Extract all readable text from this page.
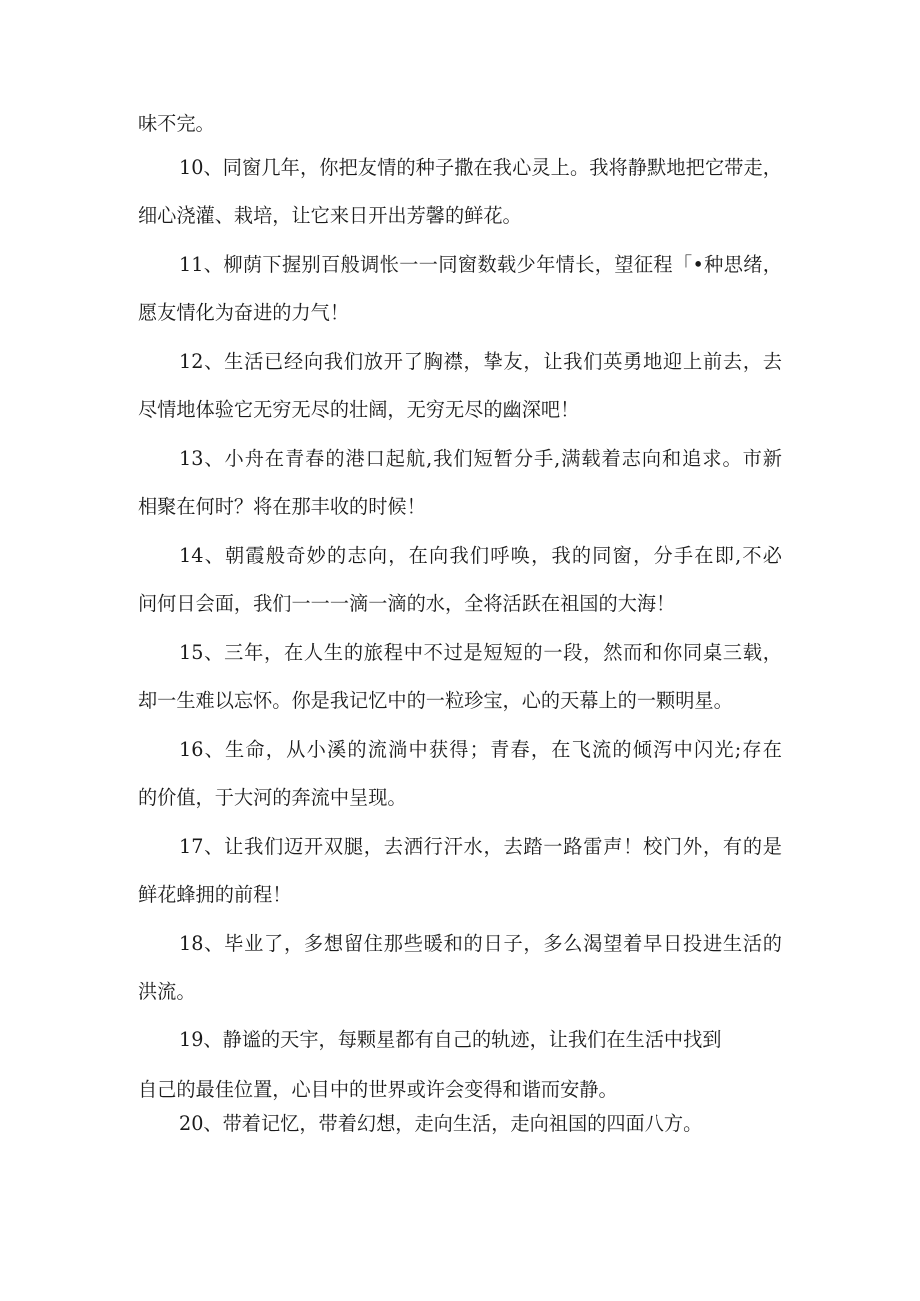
味不完。
10、同窗几年，你把友情的种子撒在我心灵上。我将静默地把它带走，
细心浇灌、栽培，让它来日开出芳馨的鲜花。
11、柳荫下握别百般调怅一一同窗数载少年情长，望征程「•种思绪，
愿友情化为奋进的力气！
12、生活已经向我们放开了胸襟，挚友，让我们英勇地迎上前去，去
尽情地体验它无穷无尽的壮阔，无穷无尽的幽深吧！
13、小舟在青春的港口起航,我们短暂分手,满载着志向和追求。市新
相聚在何时？将在那丰收的时候！
14、朝霞般奇妙的志向，在向我们呼唤，我的同窗，分手在即,不必
问何日会面，我们一一一滴一滴的水，全将活跃在祖国的大海！
15、三年，在人生的旅程中不过是短短的一段，然而和你同桌三载，
却一生难以忘怀。你是我记忆中的一粒珍宝，心的天幕上的一颗明星。
16、生命，从小溪的流淌中获得；青春，在飞流的倾泻中闪光;存在
的价值，于大河的奔流中呈现。
17、让我们迈开双腿，去洒行汗水，去踏一路雷声！校门外，有的是
鲜花蜂拥的前程！
18、毕业了，多想留住那些暖和的日子，多么渴望着早日投进生活的
洪流。
19、静谧的天宇，每颗星都有自己的轨迹，让我们在生活中找到
自己的最佳位置，心目中的世界或许会变得和谐而安静。
20、带着记忆，带着幻想，走向生活，走向祖国的四面八方。
